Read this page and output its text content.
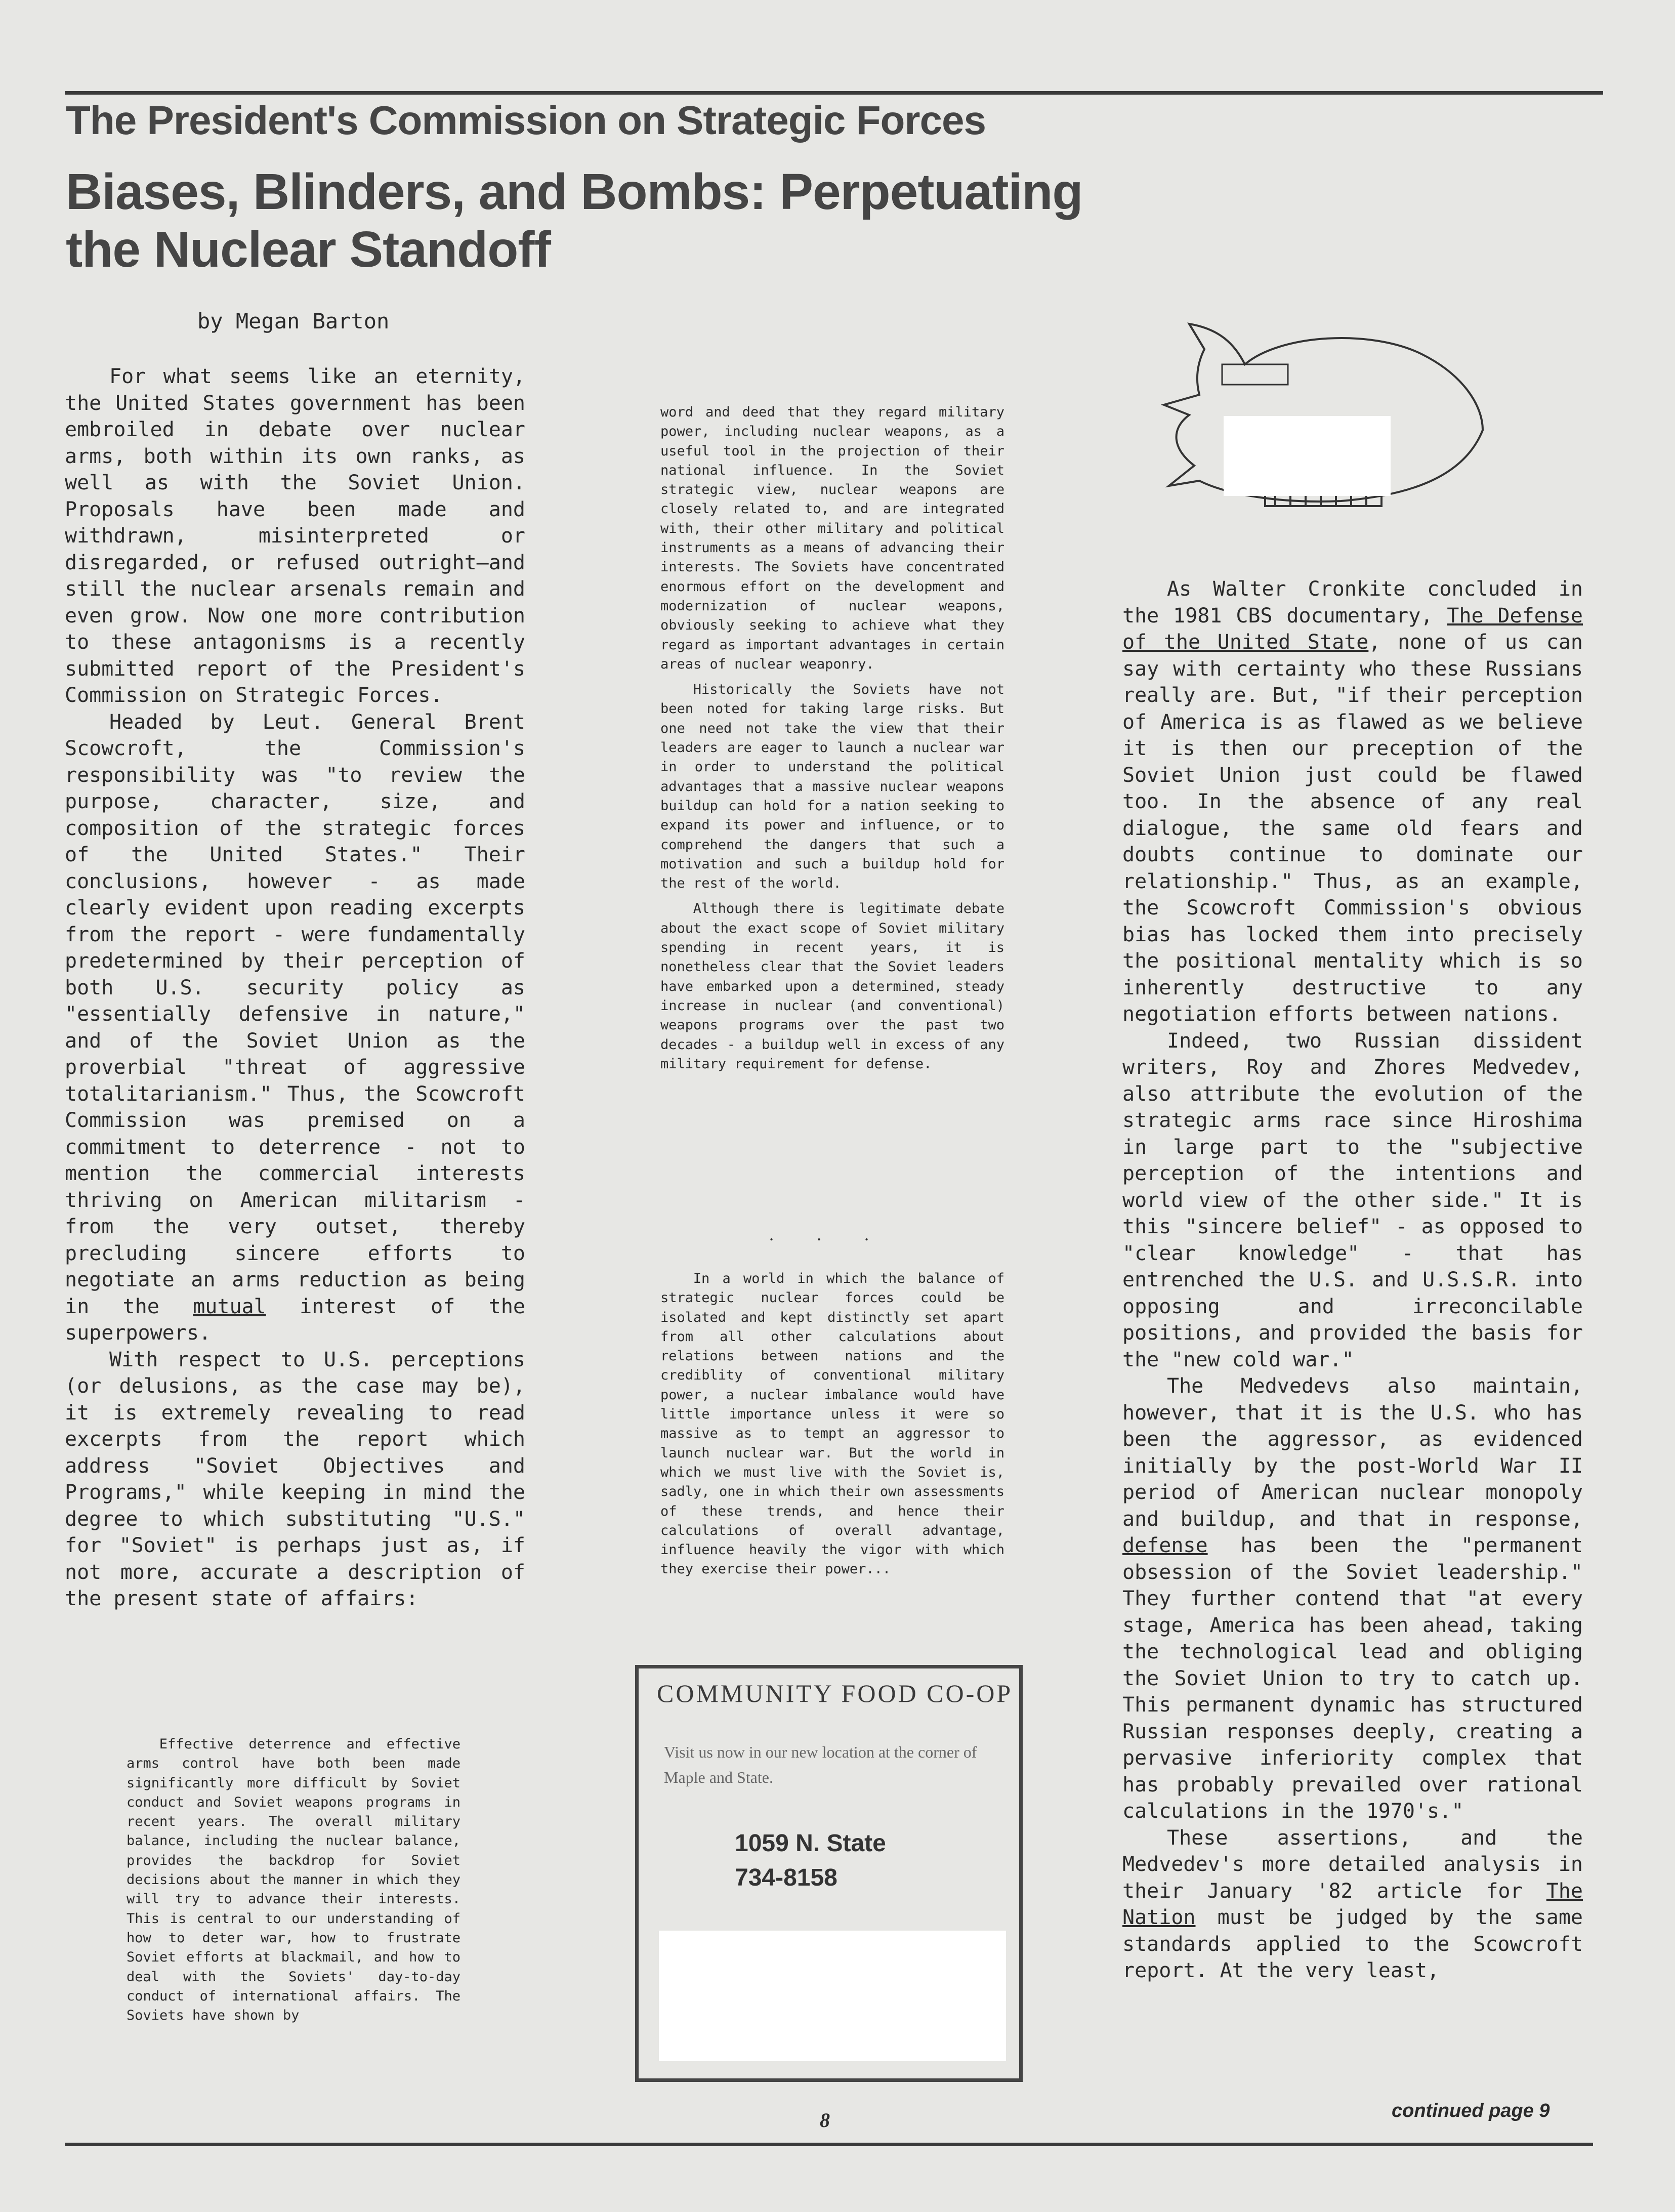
The President's Commission on Strategic Forces
Biases, Blinders, and Bombs: Perpetuating
the Nuclear Standoff
by Megan Barton

For what seems like an eternity, the United States government has been embroiled in debate over nuclear arms, both within its own ranks, as well as with the Soviet Union. Proposals have been made and withdrawn, misinterpreted or disregarded, or refused outright—and still the nuclear arsenals remain and even grow. Now one more contribution to these antagonisms is a recently submitted report of the President's Commission on Strategic Forces.

Headed by Leut. General Brent Scowcroft, the Commission's responsibility was "to review the purpose, character, size, and composition of the strategic forces of the United States." Their conclusions, however - as made clearly evident upon reading excerpts from the report - were fundamentally predetermined by their perception of both U.S. security policy as "essentially defensive in nature," and of the Soviet Union as the proverbial "threat of aggressive totalitarianism." Thus, the Scowcroft Commission was premised on a commitment to deterrence - not to mention the commercial interests thriving on American militarism - from the very outset, thereby precluding sincere efforts to negotiate an arms reduction as being in the mutual interest of the superpowers.

With respect to U.S. perceptions (or delusions, as the case may be), it is extremely revealing to read excerpts from the report which address "Soviet Objectives and Programs," while keeping in mind the degree to which substituting "U.S." for "Soviet" is perhaps just as, if not more, accurate a description of the present state of affairs:

Effective deterrence and effective arms control have both been made significantly more difficult by Soviet conduct and Soviet weapons programs in recent years. The overall military balance, including the nuclear balance, provides the backdrop for Soviet decisions about the manner in which they will try to advance their interests. This is central to our understanding of how to deter war, how to frustrate Soviet efforts at blackmail, and how to deal with the Soviets' day-to-day conduct of international affairs. The Soviets have shown by

word and deed that they regard military power, including nuclear weapons, as a useful tool in the projection of their national influence. In the Soviet strategic view, nuclear weapons are closely related to, and are integrated with, their other military and political instruments as a means of advancing their interests. The Soviets have concentrated enormous effort on the development and modernization of nuclear weapons, obviously seeking to achieve what they regard as important advantages in certain areas of nuclear weaponry.

Historically the Soviets have not been noted for taking large risks. But one need not take the view that their leaders are eager to launch a nuclear war in order to understand the political advantages that a massive nuclear weapons buildup can hold for a nation seeking to expand its power and influence, or to comprehend the dangers that such a motivation and such a buildup hold for the rest of the world.

Although there is legitimate debate about the exact scope of Soviet military spending in recent years, it is nonetheless clear that the Soviet leaders have embarked upon a determined, steady increase in nuclear (and conventional) weapons programs over the past two decades - a buildup well in excess of any military requirement for defense.

. . .

In a world in which the balance of strategic nuclear forces could be isolated and kept distinctly set apart from all other calculations about relations between nations and the crediblity of conventional military power, a nuclear imbalance would have little importance unless it were so massive as to tempt an aggressor to launch nuclear war. But the world in which we must live with the Soviet is, sadly, one in which their own assessments of these trends, and hence their calculations of overall advantage, influence heavily the vigor with which they exercise their power...

As Walter Cronkite concluded in the 1981 CBS documentary, The Defense of the United State, none of us can say with certainty who these Russians really are. But, "if their perception of America is as flawed as we believe it is then our preception of the Soviet Union just could be flawed too. In the absence of any real dialogue, the same old fears and doubts continue to dominate our relationship." Thus, as an example, the Scowcroft Commission's obvious bias has locked them into precisely the positional mentality which is so inherently destructive to any negotiation efforts between nations.

Indeed, two Russian dissident writers, Roy and Zhores Medvedev, also attribute the evolution of the strategic arms race since Hiroshima in large part to the "subjective perception of the intentions and world view of the other side." It is this "sincere belief" - as opposed to "clear knowledge" - that has entrenched the U.S. and U.S.S.R. into opposing and irreconcilable positions, and provided the basis for the "new cold war."

The Medvedevs also maintain, however, that it is the U.S. who has been the aggressor, as evidenced initially by the post-World War II period of American nuclear monopoly and buildup, and that in response, defense has been the "permanent obsession of the Soviet leadership." They further contend that "at every stage, America has been ahead, taking the technological lead and obliging the Soviet Union to try to catch up. This permanent dynamic has structured Russian responses deeply, creating a pervasive inferiority complex that has probably prevailed over rational calculations in the 1970's."

These assertions, and the Medvedev's more detailed analysis in their January '82 article for The Nation must be judged by the same standards applied to the Scowcroft report. At the very least,

COMMUNITY FOOD CO-OP
Visit us now in our new location at the corner of Maple and State.
1059 N. State
734-8158
8	continued page 9
